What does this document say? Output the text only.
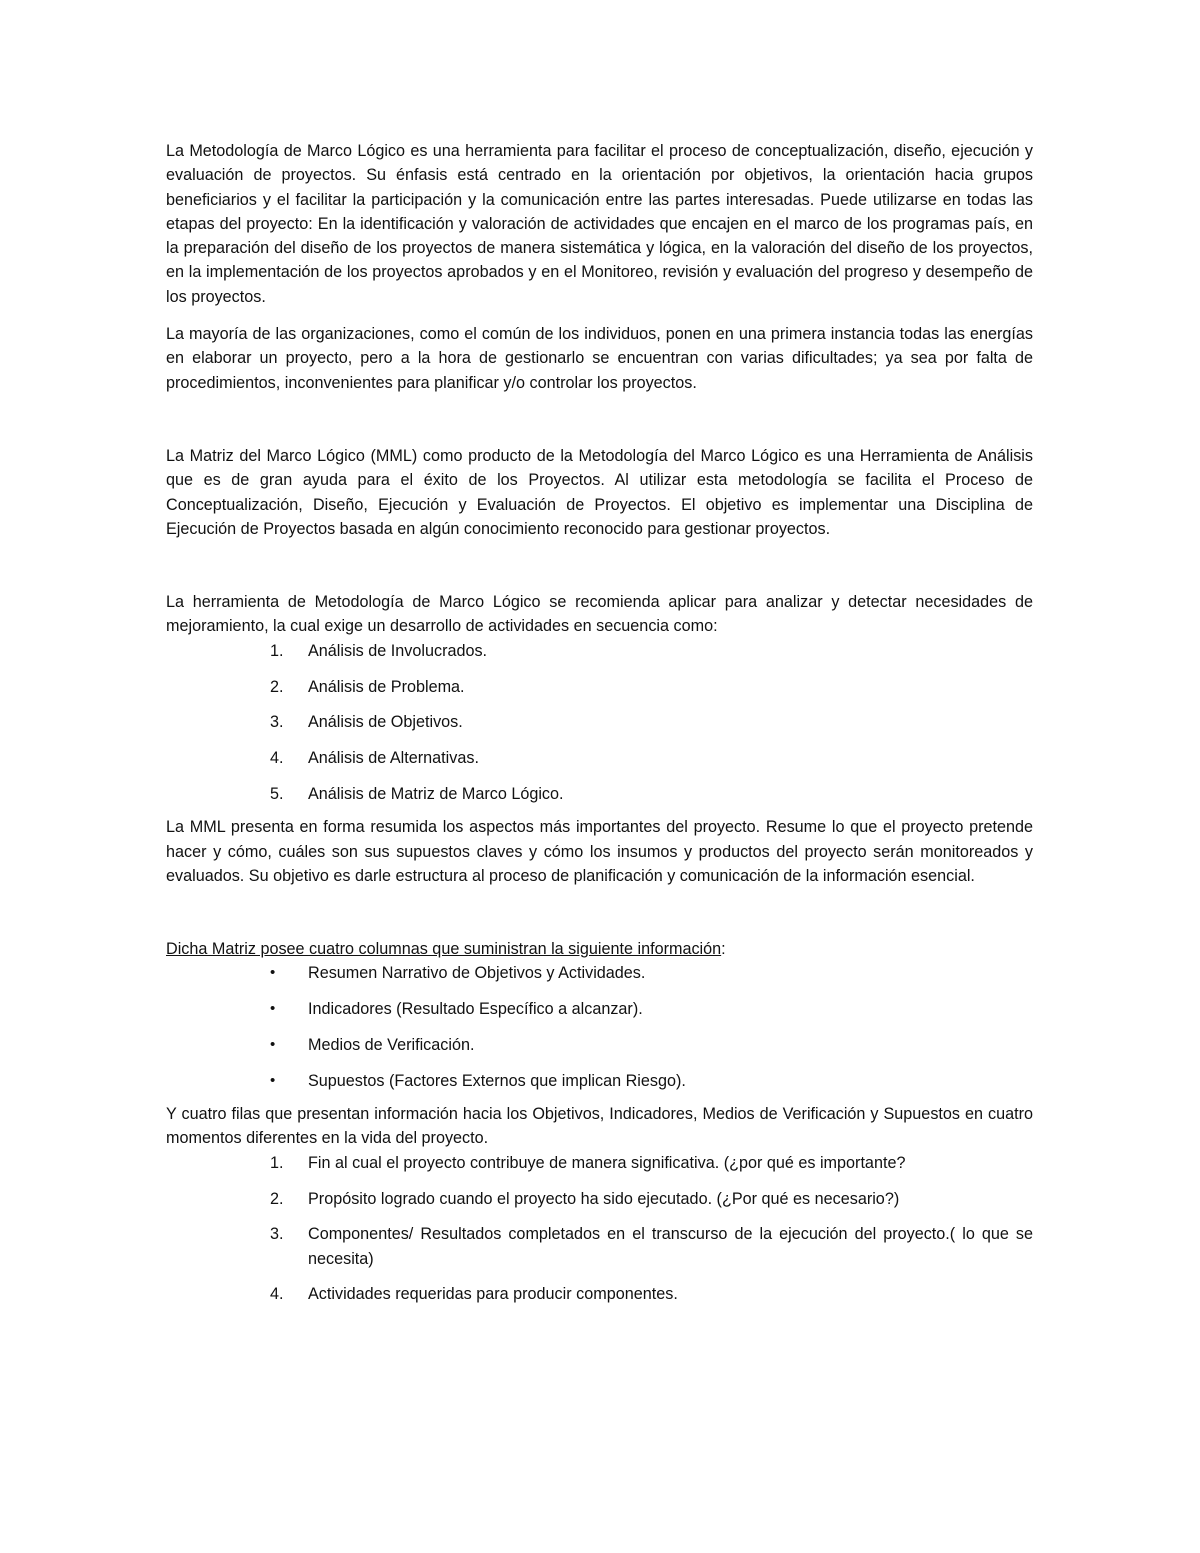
La Metodología de Marco Lógico es una herramienta para facilitar el proceso de conceptualización, diseño, ejecución y evaluación de proyectos. Su énfasis está centrado en la orientación por objetivos, la orientación hacia grupos beneficiarios y el facilitar la participación y la comunicación entre las partes interesadas. Puede utilizarse en todas las etapas del proyecto: En la identificación y valoración de actividades que encajen en el marco de los programas país, en la preparación del diseño de los proyectos de manera sistemática y lógica, en la valoración del diseño de los proyectos, en la implementación de los proyectos aprobados y en el Monitoreo, revisión y evaluación del progreso y desempeño de los proyectos.

La mayoría de las organizaciones, como el común de los individuos, ponen en una primera instancia todas las energías en elaborar un proyecto, pero a la hora de gestionarlo se encuentran con varias dificultades; ya sea por falta de procedimientos, inconvenientes para planificar y/o controlar los proyectos.

La Matriz del Marco Lógico (MML) como producto de la Metodología del Marco Lógico es una Herramienta de Análisis que es de gran ayuda para el éxito de los Proyectos. Al utilizar esta metodología se facilita el Proceso de Conceptualización, Diseño, Ejecución y Evaluación de Proyectos. El objetivo es implementar una Disciplina de Ejecución de Proyectos basada en algún conocimiento reconocido para gestionar proyectos.

La herramienta de Metodología de Marco Lógico se recomienda aplicar para analizar y detectar necesidades de mejoramiento, la cual exige un desarrollo de actividades en secuencia como:

1.	Análisis de Involucrados.
2.	Análisis de Problema.
3.	Análisis de Objetivos.
4.	Análisis de Alternativas.
5.	Análisis de Matriz de Marco Lógico.

La MML presenta en forma resumida los aspectos más importantes del proyecto. Resume lo que el proyecto pretende hacer y cómo, cuáles son sus supuestos claves y cómo los insumos y productos del proyecto serán monitoreados y evaluados. Su objetivo es darle estructura al proceso de planificación y comunicación de la información esencial.

Dicha Matriz posee cuatro columnas que suministran la siguiente información:

•	Resumen Narrativo de Objetivos y Actividades.
•	Indicadores (Resultado Específico a alcanzar).
•	Medios de Verificación.
•	Supuestos (Factores Externos que implican Riesgo).

Y cuatro filas que presentan información hacia los Objetivos, Indicadores, Medios de Verificación y Supuestos en cuatro momentos diferentes en la vida del proyecto.

1.	Fin al cual el proyecto contribuye de manera significativa. (¿por qué es importante?
2.	Propósito logrado cuando el proyecto ha sido ejecutado. (¿Por qué es necesario?)
3.	Componentes/ Resultados completados en el transcurso de la ejecución del proyecto.( lo que se necesita)
4.	Actividades requeridas para producir componentes.
